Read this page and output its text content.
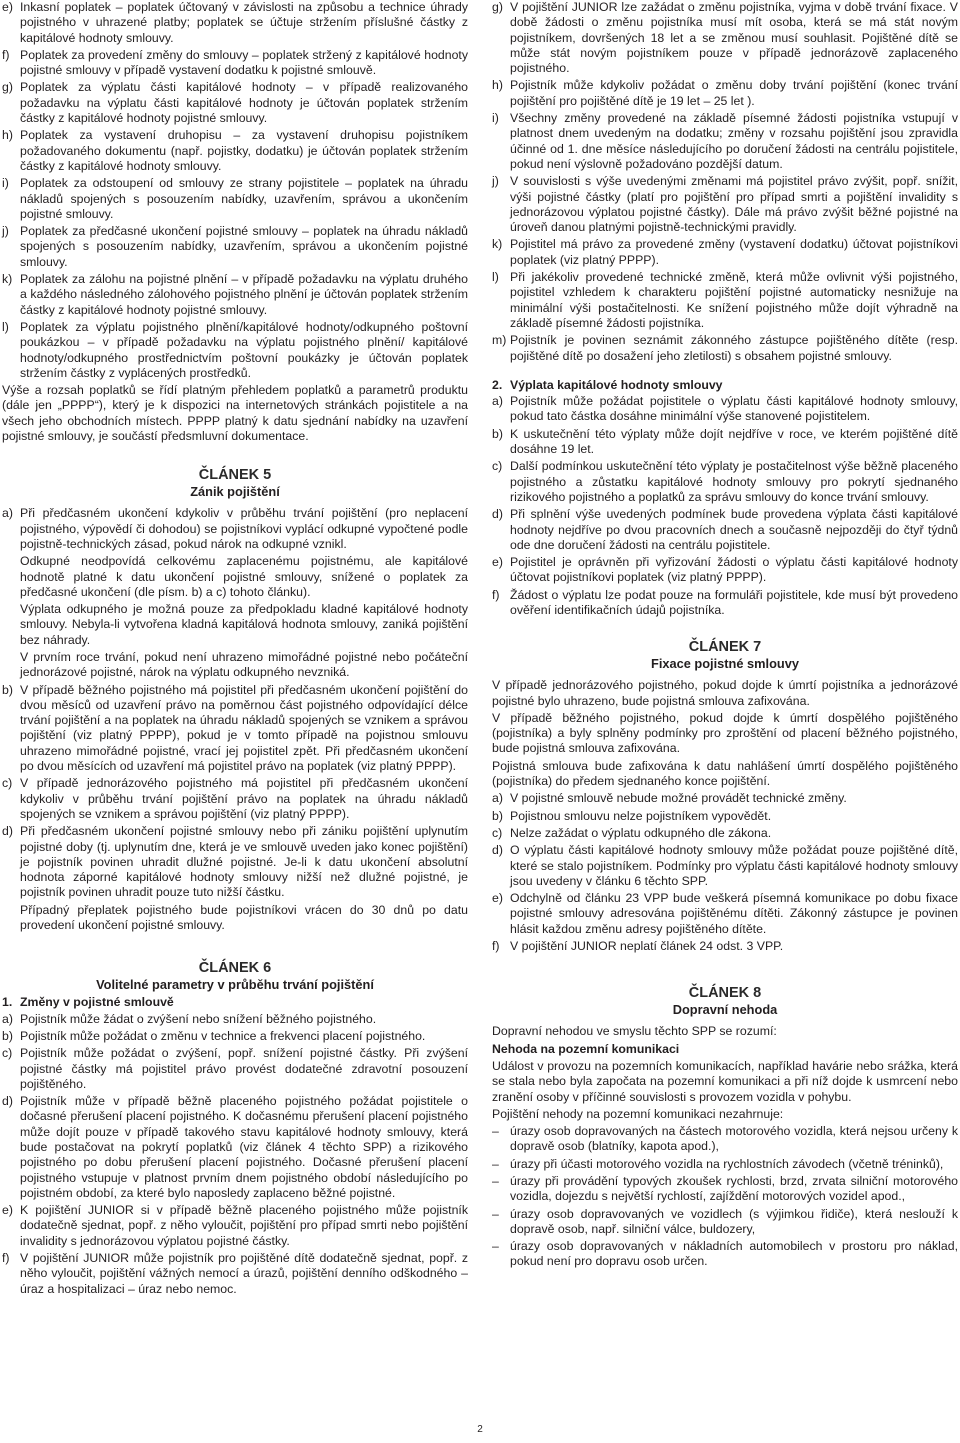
e) Inkasní poplatek – poplatek účtovaný v závislosti na způsobu a technice úhrady pojistného v uhrazené platby; poplatek se účtuje stržením příslušné částky z kapitálové hodnoty smlouvy.
f) Poplatek za provedení změny do smlouvy – poplatek stržený z kapitálové hodnoty pojistné smlouvy v případě vystavení dodatku k pojistné smlouvě.
g) Poplatek za výplatu části kapitálové hodnoty – v případě realizovaného požadavku na výplatu části kapitálové hodnoty je účtován poplatek stržením částky z kapitálové hodnoty pojistné smlouvy.
h) Poplatek za vystavení druhopisu – za vystavení druhopisu pojistníkem požadovaného dokumentu (např. pojistky, dodatku) je účtován poplatek stržením částky z kapitálové hodnoty smlouvy.
i) Poplatek za odstoupení od smlouvy ze strany pojistitele – poplatek na úhradu nákladů spojených s posouzením nabídky, uzavřením, správou a ukončením pojistné smlouvy.
j) Poplatek za předčasné ukončení pojistné smlouvy – poplatek na úhradu nákladů spojených s posouzením nabídky, uzavřením, správou a ukončením pojistné smlouvy.
k) Poplatek za zálohu na pojistné plnění – v případě požadavku na výplatu druhého a každého následného zálohového pojistného plnění je účtován poplatek stržením částky z kapitálové hodnoty pojistné smlouvy.
l) Poplatek za výplatu pojistného plnění/kapitálové hodnoty/odkupného poštovní poukázkou – v případě požadavku na výplatu pojistného plnění/ kapitálové hodnoty/odkupného prostřednictvím poštovní poukázky je účtován poplatek stržením částky z vyplácených prostředků.

Výše a rozsah poplatků se řídí platným přehledem poplatků a parametrů produktu (dále jen „PPPP“), který je k dispozici na internetových stránkách pojistitele a na všech jeho obchodních místech. PPPP platný k datu sjednání nabídky na uzavření pojistné smlouvy, je součástí předsmluvní dokumentace.

ČLÁNEK 5
Zánik pojištění
a) Při předčasném ukončení kdykoliv v průběhu trvání pojištění (pro neplacení pojistného, výpovědí či dohodou) se pojistníkovi vyplácí odkupné vypočtené podle pojistně-technických zásad, pokud nárok na odkupné vznikl.

Odkupné neodpovídá celkovému zaplacenému pojistnému, ale kapitálové hodnotě platné k datu ukončení pojistné smlouvy, snížené o poplatek za předčasné ukončení (dle písm. b) a c) tohoto článku).

Výplata odkupného je možná pouze za předpokladu kladné kapitálové hodnoty smlouvy. Nebyla-li vytvořena kladná kapitálová hodnota smlouvy, zaniká pojištění bez náhrady.

V prvním roce trvání, pokud není uhrazeno mimořádné pojistné nebo počáteční jednorázové pojistné, nárok na výplatu odkupného nevzniká.

b) V případě běžného pojistného má pojistitel při předčasném ukončení pojištění do dvou měsíců od uzavření právo na poměrnou část pojistného odpovídající délce trvání pojištění a na poplatek na úhradu nákladů spojených se vznikem a správou pojištění (viz platný PPPP), pokud je v tomto případě na pojistnou smlouvu uhrazeno mimořádné pojistné, vrací jej pojistitel zpět. Při předčasném ukončení po dvou měsících od uzavření má pojistitel právo na poplatek (viz platný PPPP).
c) V případě jednorázového pojistného má pojistitel při předčasném ukončení kdykoliv v průběhu trvání pojištění právo na poplatek na úhradu nákladů spojených se vznikem a správou pojištění (viz platný PPPP).
d) Při předčasném ukončení pojistné smlouvy nebo při zániku pojištění uplynutím pojistné doby (tj. uplynutím dne, která je ve smlouvě uveden jako konec pojištění) je pojistník povinen uhradit dlužné pojistné. Je-li k datu ukončení absolutní hodnota záporné kapitálové hodnoty smlouvy nižší než dlužné pojistné, je pojistník povinen uhradit pouze tuto nižší částku.

Případný přeplatek pojistného bude pojistníkovi vrácen do 30 dnů po datu provedení ukončení pojistné smlouvy.

ČLÁNEK 6
Volitelné parametry v průběhu trvání pojištění
1. Změny v pojistné smlouvě
a) Pojistník může žádat o zvýšení nebo snížení běžného pojistného.
b) Pojistník může požádat o změnu v technice a frekvenci placení pojistného.
c) Pojistník může požádat o zvýšení, popř. snížení pojistné částky. Při zvýšení pojistné částky má pojistitel právo provést dodatečné zdravotní posouzení pojištěného.
d) Pojistník může v případě běžně placeného pojistného požádat pojistitele o dočasné přerušení placení pojistného. K dočasnému přerušení placení pojistného může dojít pouze v případě takového stavu kapitálové hodnoty smlouvy, která bude postačovat na pokrytí poplatků (viz článek 4 těchto SPP) a rizikového pojistného po dobu přerušení placení pojistného. Dočasné přerušení placení pojistného vstupuje v platnost prvním dnem pojistného období následujícího po pojistném období, za které bylo naposledy zaplaceno běžné pojistné.
e) K pojištění JUNIOR si v případě běžně placeného pojistného může pojistník dodatečně sjednat, popř. z něho vyloučit, pojištění pro případ smrti nebo pojištění invalidity s jednorázovou výplatou pojistné částky.
f) V pojištění JUNIOR může pojistník pro pojištěné dítě dodatečně sjednat, popř. z něho vyloučit, pojištění vážných nemocí a úrazů, pojištění denního odškodného – úraz a hospitalizaci – úraz nebo nemoc.
g) V pojištění JUNIOR lze zažádat o změnu pojistníka, vyjma v době trvání fixace. V době žádosti o změnu pojistníka musí mít osoba, která se má stát novým pojistníkem, dovršených 18 let a se změnou musí souhlasit. Pojištěné dítě se může stát novým pojistníkem pouze v případě jednorázově zaplaceného pojistného.
h) Pojistník může kdykoliv požádat o změnu doby trvání pojištění (konec trvání pojištění pro pojištěné dítě je 19 let – 25 let ).
i) Všechny změny provedené na základě písemné žádosti pojistníka vstupují v platnost dnem uvedeným na dodatku; změny v rozsahu pojištění jsou zpravidla účinné od 1. dne měsíce následujícího po doručení žádosti na centrálu pojistitele, pokud není výslovně požadováno pozdější datum.
j) V souvislosti s výše uvedenými změnami má pojistitel právo zvýšit, popř. snížit, výši pojistné částky (platí pro pojištění pro případ smrti a pojištění invalidity s jednorázovou výplatou pojistné částky). Dále má právo zvýšit běžné pojistné na úroveň danou platnými pojistně-technickými pravidly.
k) Pojistitel má právo za provedené změny (vystavení dodatku) účtovat pojistníkovi poplatek (viz platný PPPP).
l) Při jakékoliv provedené technické změně, která může ovlivnit výši pojistného, pojistitel vzhledem k charakteru pojištění pojistné automaticky nesnižuje na minimální výši postačitelnosti. Ke snížení pojistného může dojít výhradně na základě písemné žádosti pojistníka.
m) Pojistník je povinen seznámit zákonného zástupce pojištěného dítěte (resp. pojištěné dítě po dosažení jeho zletilosti) s obsahem pojistné smlouvy.
2. Výplata kapitálové hodnoty smlouvy
a) Pojistník může požádat pojistitele o výplatu části kapitálové hodnoty smlouvy, pokud tato částka dosáhne minimální výše stanovené pojistitelem.
b) K uskutečnění této výplaty může dojít nejdříve v roce, ve kterém pojištěné dítě dosáhne 19 let.
c) Další podmínkou uskutečnění této výplaty je postačitelnost výše běžně placeného pojistného a zůstatku kapitálové hodnoty smlouvy pro pokrytí sjednaného rizikového pojistného a poplatků za správu smlouvy do konce trvání smlouvy.
d) Při splnění výše uvedených podmínek bude provedena výplata části kapitálové hodnoty nejdříve po dvou pracovních dnech a současně nejpozději do čtyř týdnů ode dne doručení žádosti na centrálu pojistitele.
e) Pojistitel je oprávněn při vyřizování žádosti o výplatu části kapitálové hodnoty účtovat pojistníkovi poplatek (viz platný PPPP).
f) Žádost o výplatu lze podat pouze na formuláři pojistitele, kde musí být provedeno ověření identifikačních údajů pojistníka.
ČLÁNEK 7
Fixace pojistné smlouvy

V případě jednorázového pojistného, pokud dojde k úmrtí pojistníka a jednorázové pojistné bylo uhrazeno, bude pojistná smlouva zafixována.

V případě běžného pojistného, pokud dojde k úmrtí dospělého pojištěného (pojistníka) a byly splněny podmínky pro zproštění od placení běžného pojistného, bude pojistná smlouva zafixována.

Pojistná smlouva bude zafixována k datu nahlášení úmrtí dospělého pojištěného (pojistníka) do předem sjednaného konce pojištění.

a) V pojistné smlouvě nebude možné provádět technické změny.
b) Pojistnou smlouvu nelze pojistníkem vypovědět.
c) Nelze zažádat o výplatu odkupného dle zákona.
d) O výplatu části kapitálové hodnoty smlouvy může požádat pouze pojištěné dítě, které se stalo pojistníkem. Podmínky pro výplatu části kapitálové hodnoty smlouvy jsou uvedeny v článku 6 těchto SPP.
e) Odchylně od článku 23 VPP bude veškerá písemná komunikace po dobu fixace pojistné smlouvy adresována pojištěnému dítěti. Zákonný zástupce je povinen hlásit každou změnu adresy pojištěného dítěte.
f) V pojištění JUNIOR neplatí článek 24 odst. 3 VPP.
ČLÁNEK 8
Dopravní nehoda

Dopravní nehodou ve smyslu těchto SPP se rozumí:

Nehoda na pozemní komunikaci

Událost v provozu na pozemních komunikacích, například havárie nebo srážka, která se stala nebo byla započata na pozemní komunikaci a při níž dojde k usmrcení nebo zranění osoby v příčinné souvislosti s provozem vozidla v pohybu.

Pojištění nehody na pozemní komunikaci nezahrnuje:

– úrazy osob dopravovaných na částech motorového vozidla, která nejsou určeny k dopravě osob (blatníky, kapota apod.),
– úrazy při účasti motorového vozidla na rychlostních závodech (včetně tréninků),
– úrazy při provádění typových zkoušek rychlosti, brzd, zrvata silniční motorového vozidla, dojezdu s největší rychlostí, zajíždění motorových vozidel apod.,
– úrazy osob dopravovaných ve vozidlech (s výjimkou řidiče), která neslouží k dopravě osob, např. silniční válce, buldozery,
– úrazy osob dopravovaných v nákladních automobilech v prostoru pro náklad, pokud není pro dopravu osob určen.
2
